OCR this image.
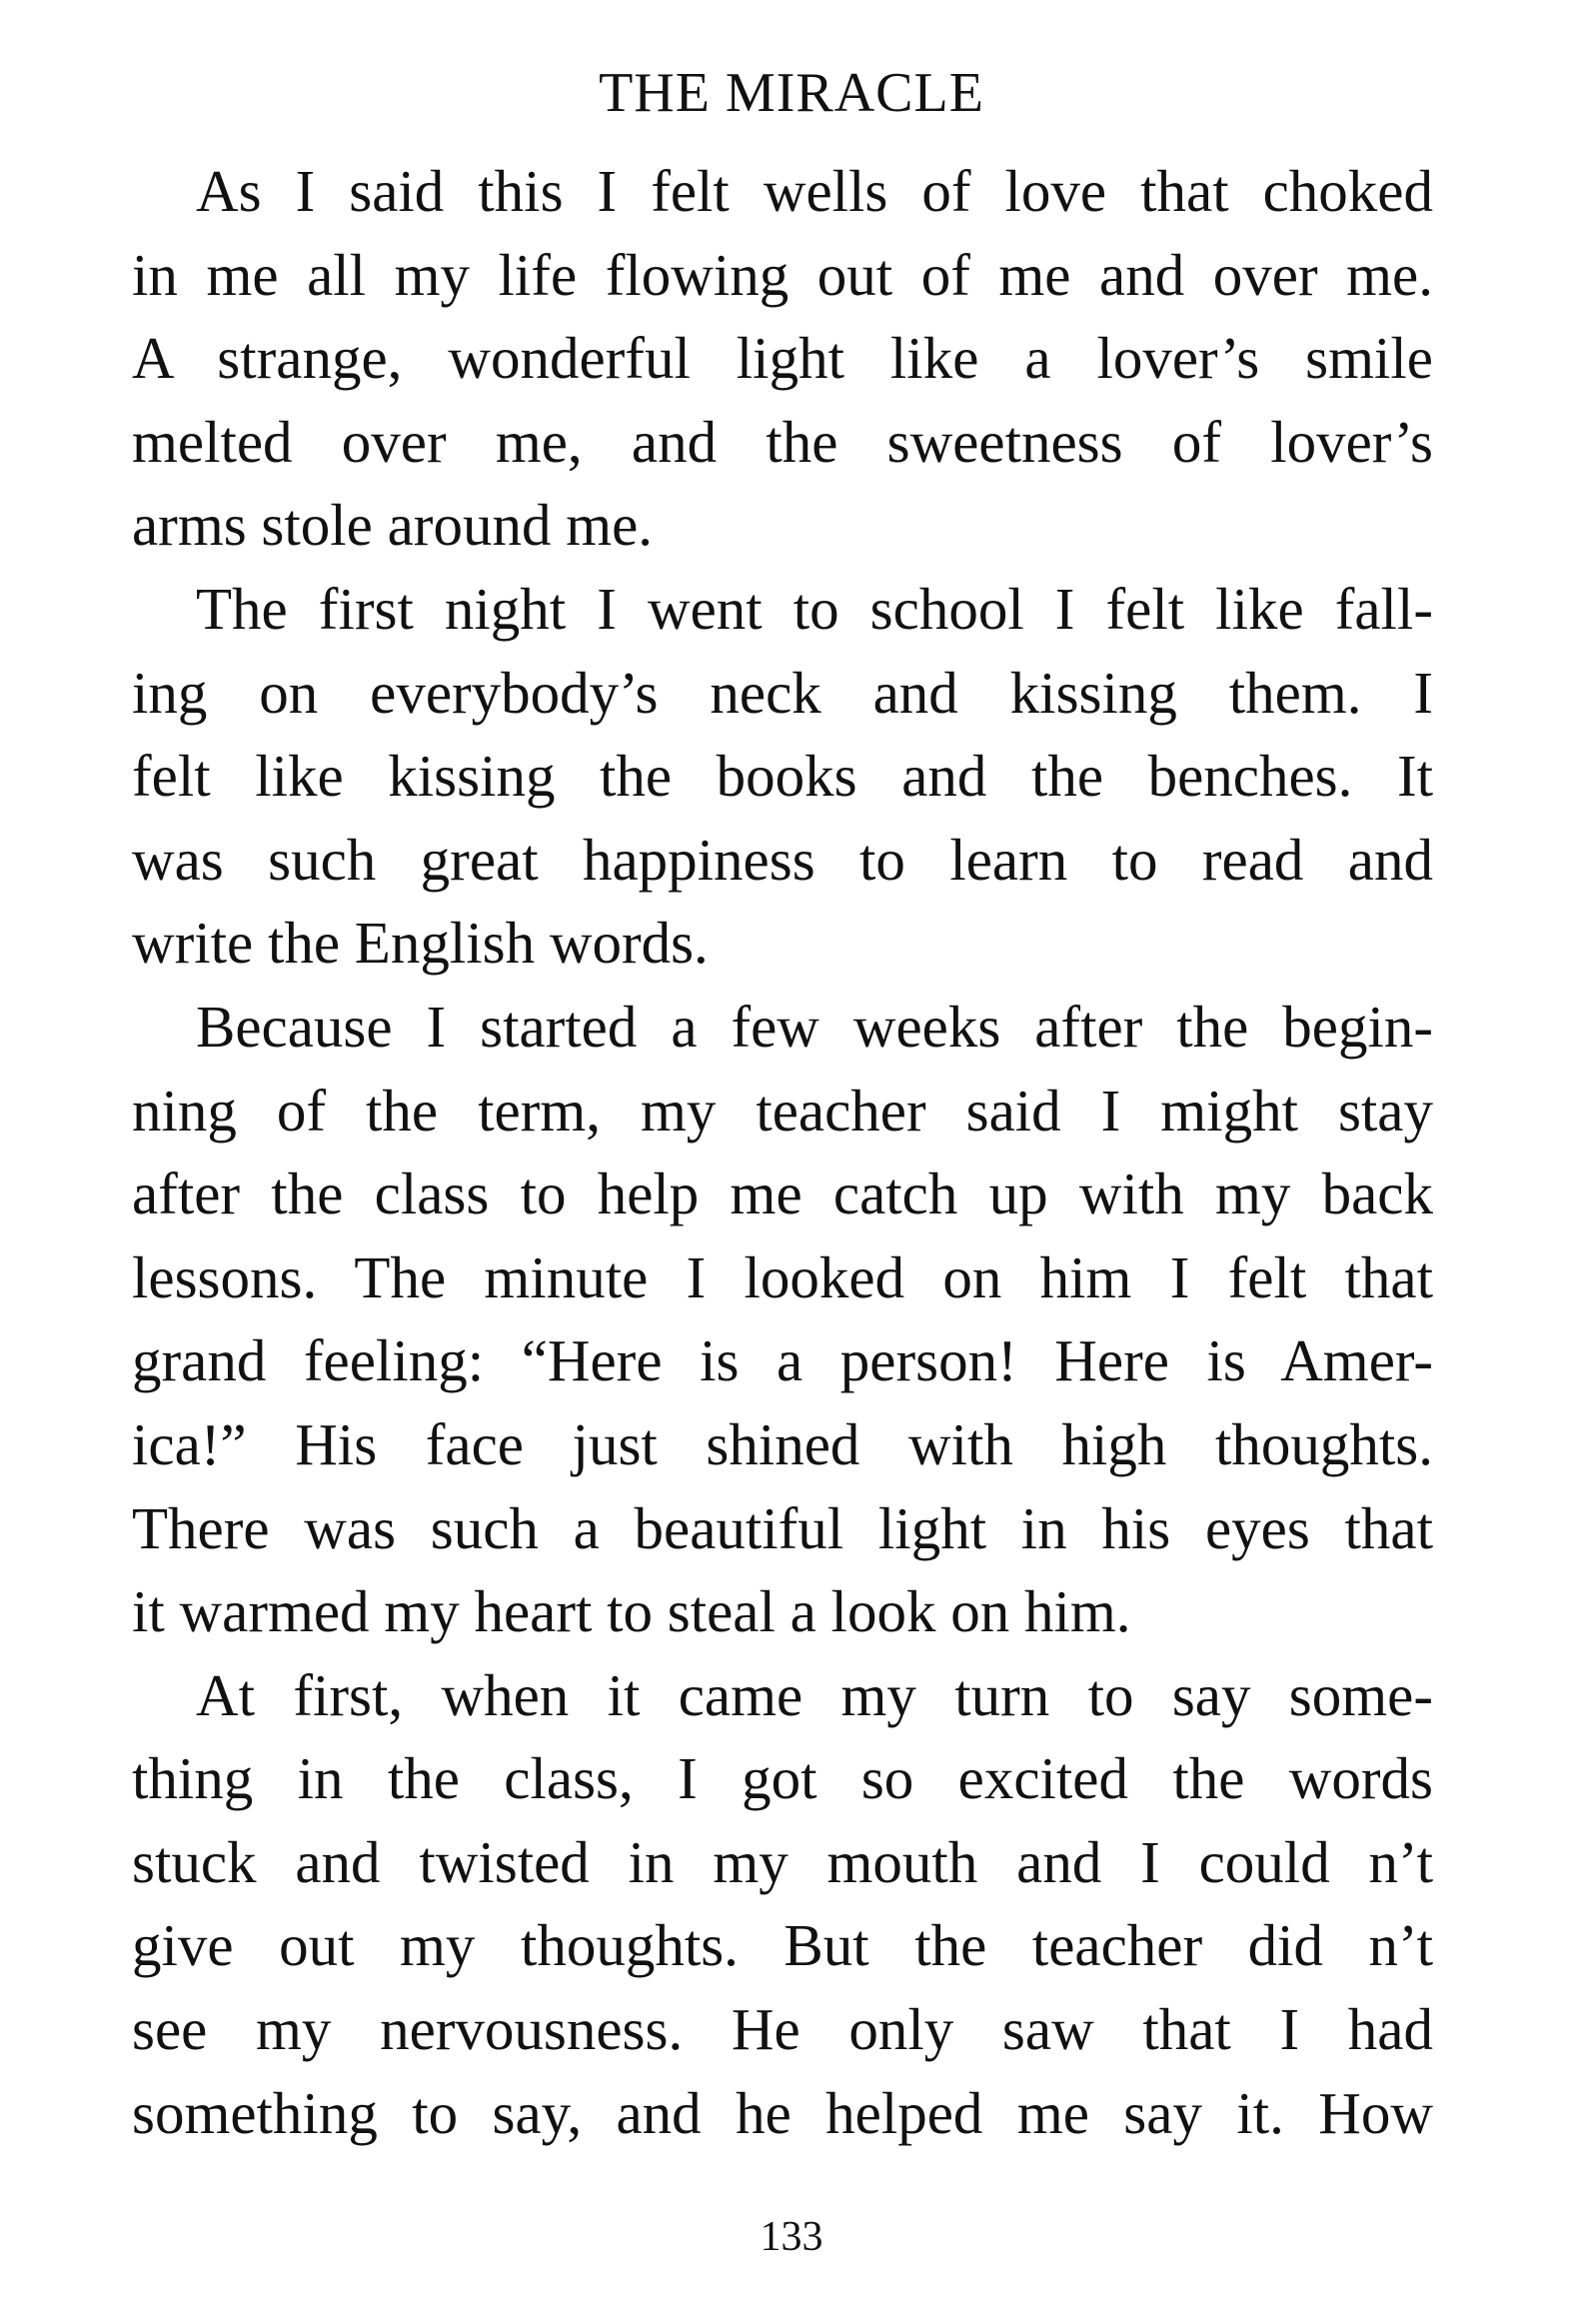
THE MIRACLE
As I said this I felt wells of love that choked
in me all my life flowing out of me and over me.
A strange, wonderful light like a lover’s smile
melted over me, and the sweetness of lover’s
arms stole around me.
The first night I went to school I felt like fall-
ing on everybody’s neck and kissing them. I
felt like kissing the books and the benches. It
was such great happiness to learn to read and
write the English words.
Because I started a few weeks after the begin-
ning of the term, my teacher said I might stay
after the class to help me catch up with my back
lessons. The minute I looked on him I felt that
grand feeling: “Here is a person! Here is Amer-
ica!” His face just shined with high thoughts.
There was such a beautiful light in his eyes that
it warmed my heart to steal a look on him.
At first, when it came my turn to say some-
thing in the class, I got so excited the words
stuck and twisted in my mouth and I could n’t
give out my thoughts. But the teacher did n’t
see my nervousness. He only saw that I had
something to say, and he helped me say it. How
133
